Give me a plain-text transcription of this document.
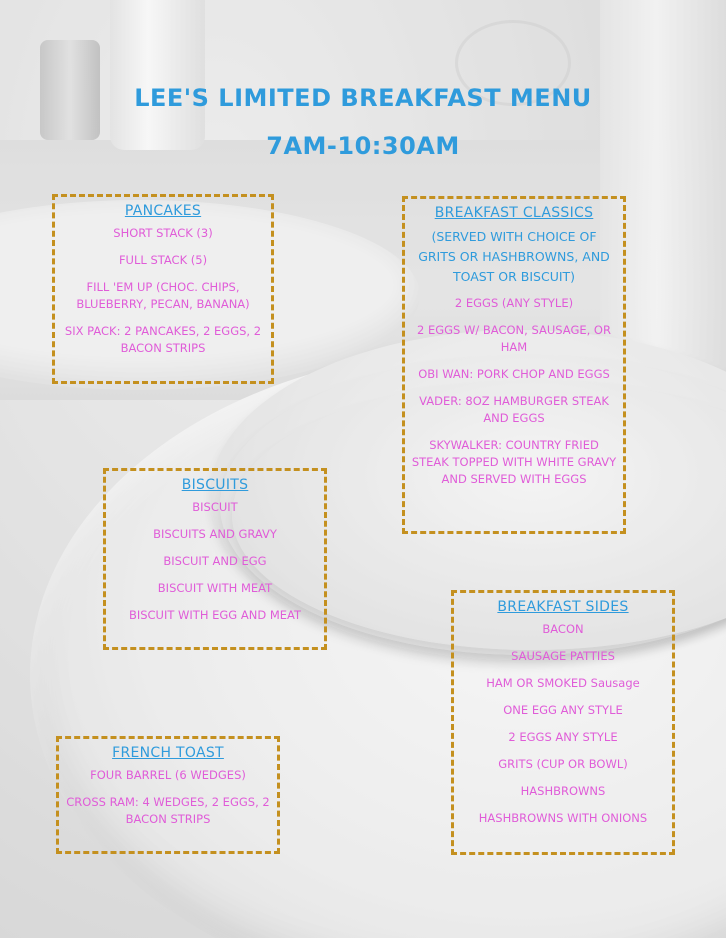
LEE'S LIMITED BREAKFAST MENU
7AM-10:30AM
PANCAKES

SHORT STACK (3)

FULL STACK (5)

FILL 'EM UP (CHOC. CHIPS, BLUEBERRY, PECAN, BANANA)

SIX PACK: 2 PANCAKES, 2 EGGS, 2 BACON STRIPS

BREAKFAST CLASSICS

(SERVED WITH CHOICE OF GRITS OR HASHBROWNS, AND TOAST OR BISCUIT)

2 EGGS (ANY STYLE)

2 EGGS W/ BACON, SAUSAGE, OR HAM

OBI WAN: PORK CHOP AND EGGS

VADER: 8OZ HAMBURGER STEAK AND EGGS

SKYWALKER: COUNTRY FRIED STEAK TOPPED WITH WHITE GRAVY AND SERVED WITH EGGS

BISCUITS

BISCUIT

BISCUITS AND GRAVY

BISCUIT AND EGG

BISCUIT WITH MEAT

BISCUIT WITH EGG AND MEAT	BREAKFAST SIDES

BACON

SAUSAGE PATTIES

HAM OR SMOKED Sausage

ONE EGG ANY STYLE

2 EGGS ANY STYLE

GRITS (CUP OR BOWL)

HASHBROWNS

HASHBROWNS WITH ONIONS

FRENCH TOAST

FOUR BARREL (6 WEDGES)

CROSS RAM: 4 WEDGES, 2 EGGS, 2 BACON STRIPS
